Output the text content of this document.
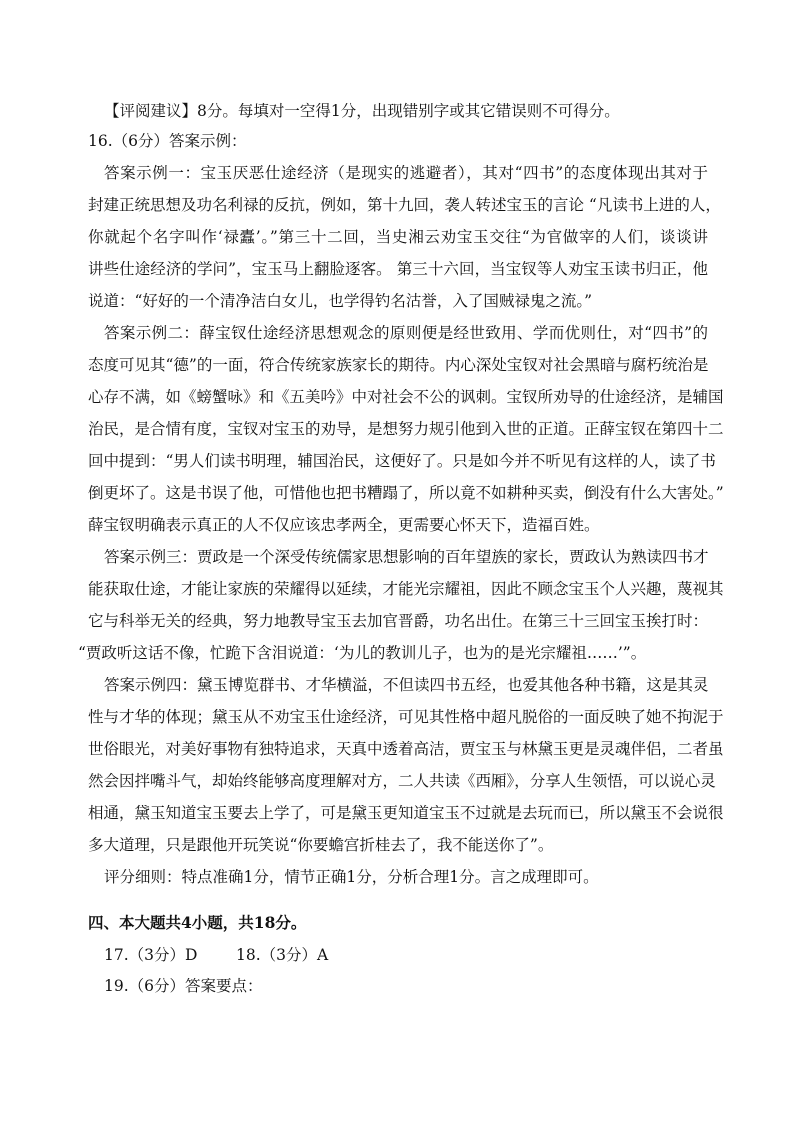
【评阅建议】8分。每填对一空得1分，出现错别字或其它错误则不可得分。
16.（6分）答案示例：
答案示例一：宝玉厌恶仕途经济（是现实的逃避者），其对“四书”的态度体现出其对于
封建正统思想及功名利禄的反抗，例如，第十九回，袭人转述宝玉的言论 “凡读书上进的人，
你就起个名字叫作‘禄蠹’。”第三十二回，当史湘云劝宝玉交往“为官做宰的人们，谈谈讲
讲些仕途经济的学问”，宝玉马上翻脸逐客。 第三十六回，当宝钗等人劝宝玉读书归正，他
说道：“好好的一个清净洁白女儿，也学得钓名沽誉，入了国贼禄鬼之流。”
答案示例二：薛宝钗仕途经济思想观念的原则便是经世致用、学而优则仕，对“四书”的
态度可见其“德”的一面，符合传统家族家长的期待。内心深处宝钗对社会黑暗与腐朽统治是
心存不满，如《螃蟹咏》和《五美吟》中对社会不公的讽刺。宝钗所劝导的仕途经济，是辅国
治民，是合情有度，宝钗对宝玉的劝导，是想努力规引他到入世的正道。正薛宝钗在第四十二
回中提到：“男人们读书明理，辅国治民，这便好了。只是如今并不听见有这样的人，读了书
倒更坏了。这是书误了他，可惜他也把书糟蹋了，所以竟不如耕种买卖，倒没有什么大害处。”
薛宝钗明确表示真正的人不仅应该忠孝两全，更需要心怀天下，造福百姓。
答案示例三：贾政是一个深受传统儒家思想影响的百年望族的家长，贾政认为熟读四书才
能获取仕途，才能让家族的荣耀得以延续，才能光宗耀祖，因此不顾念宝玉个人兴趣，蔑视其
它与科举无关的经典，努力地教导宝玉去加官晋爵，功名出仕。在第三十三回宝玉挨打时：
“贾政听这话不像，忙跪下含泪说道：‘为儿的教训儿子，也为的是光宗耀祖……’”。
答案示例四：黛玉博览群书、才华横溢，不但读四书五经，也爱其他各种书籍，这是其灵
性与才华的体现；黛玉从不劝宝玉仕途经济，可见其性格中超凡脱俗的一面反映了她不拘泥于
世俗眼光，对美好事物有独特追求，天真中透着高洁，贾宝玉与林黛玉更是灵魂伴侣，二者虽
然会因拌嘴斗气，却始终能够高度理解对方，二人共读《西厢》，分享人生领悟，可以说心灵
相通，黛玉知道宝玉要去上学了，可是黛玉更知道宝玉不过就是去玩而已，所以黛玉不会说很
多大道理，只是跟他开玩笑说“你要蟾宫折桂去了，我不能送你了”。
评分细则：特点准确1分，情节正确1分，分析合理1分。言之成理即可。
四、本大题共4小题，共18分。
17.（3分）D 18.（3分）A
19.（6分）答案要点：
